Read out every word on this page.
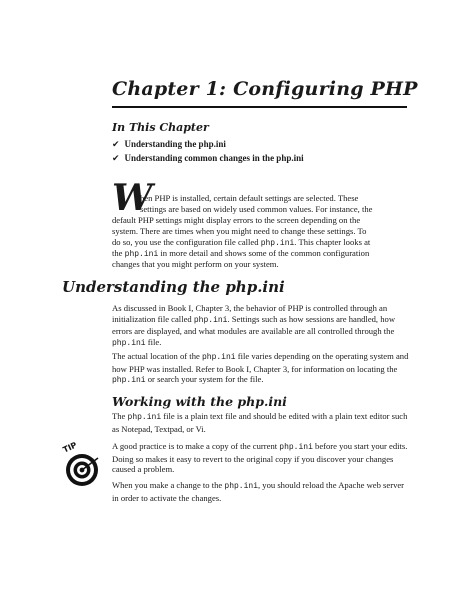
Chapter 1: Configuring PHP
In This Chapter
✔ Understanding the php.ini
✔ Understanding common changes in the php.ini
W
hen PHP is installed, certain default settings are selected. These
settings are based on widely used common values. For instance, the
default PHP settings might display errors to the screen depending on the
system. There are times when you might need to change these settings. To
do so, you use the configuration file called php.ini. This chapter looks at
the php.ini in more detail and shows some of the common configuration
changes that you might perform on your system.
Understanding the php.ini
As discussed in Book I, Chapter 3, the behavior of PHP is controlled through an initialization file called php.ini. Settings such as how sessions are handled, how errors are displayed, and what modules are available are all controlled through the php.ini file.
The actual location of the php.ini file varies depending on the operating system and how PHP was installed. Refer to Book I, Chapter 3, for information on locating the php.ini or search your system for the file.
Working with the php.ini
The php.ini file is a plain text file and should be edited with a plain text editor such as Notepad, Textpad, or Vi.
TIP	A good practice is to make a copy of the current php.ini before you start your edits. Doing so makes it easy to revert to the original copy if you discover your changes caused a problem.
When you make a change to the php.ini, you should reload the Apache web server in order to activate the changes.
